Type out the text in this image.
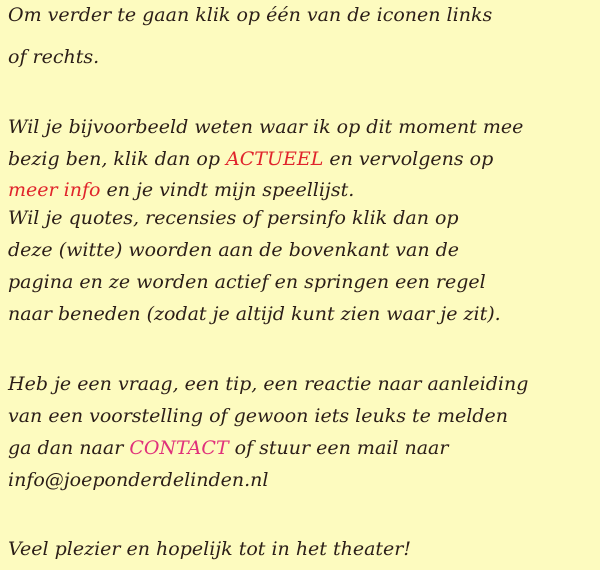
Om verder te gaan klik op één van de iconen links
of rechts.
Wil je bijvoorbeeld weten waar ik op dit moment mee
bezig ben, klik dan op ACTUEEL en vervolgens op
meer info en je vindt mijn speellijst.
Wil je quotes, recensies of persinfo klik dan op
deze (witte) woorden aan de bovenkant van de
pagina en ze worden actief en springen een regel
naar beneden (zodat je altijd kunt zien waar je zit).
Heb je een vraag, een tip, een reactie naar aanleiding
van een voorstelling of gewoon iets leuks te melden
ga dan naar CONTACT of stuur een mail naar
info@joeponderdelinden.nl
Veel plezier en hopelijk tot in het theater!
